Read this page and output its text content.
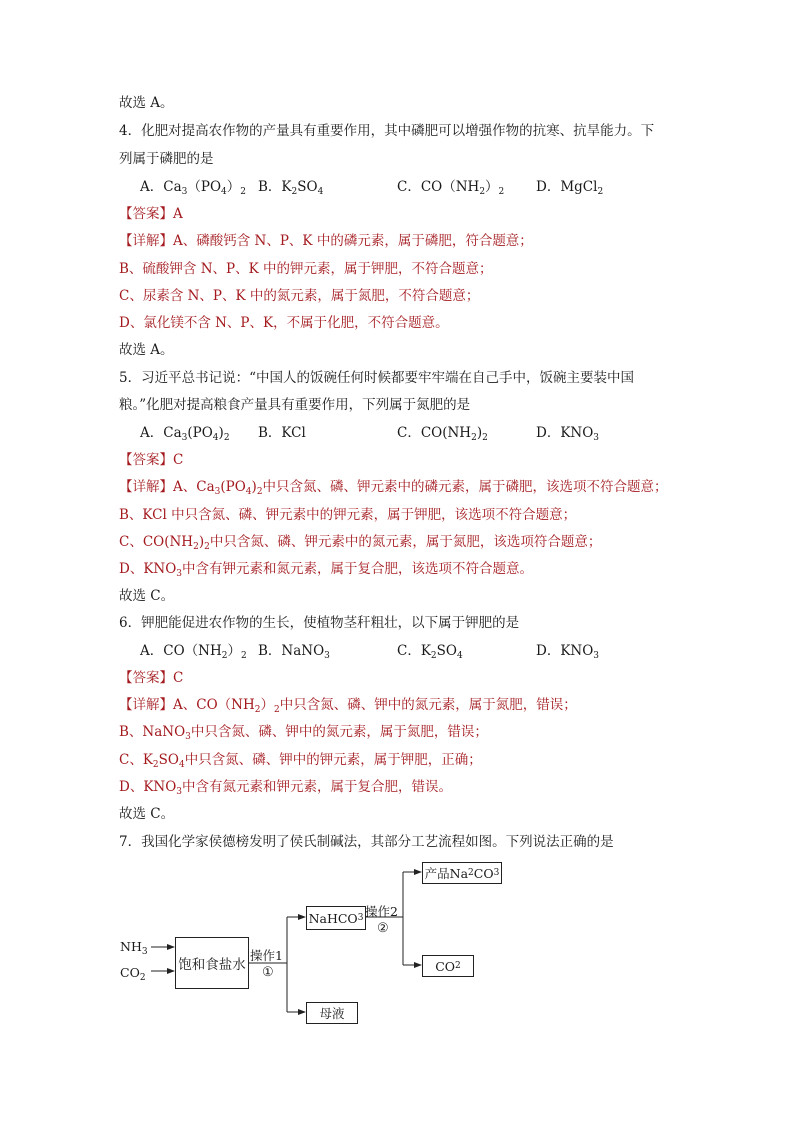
故选 A。
4．化肥对提高农作物的产量具有重要作用，其中磷肥可以增强作物的抗寒、抗旱能力。下
列属于磷肥的是
A．$Ca_3(PO_4)_2$ B．$K_2SO_4$	C．$CO(NH_2)_2$ D．MgCl$_2$
【答案】A
【详解】A、磷酸钙含 N、P、K 中的磷元素，属于磷肥，符合题意；
B、硫酸钾含 N、P、K 中的钾元素，属于钾肥，不符合题意；
C、尿素含 N、P、K 中的氮元素，属于氮肥，不符合题意；
D、氯化镁不含 N、P、K，不属于化肥，不符合题意。
故选 A。
5．习近平总书记说：“中国人的饭碗任何时候都要牢牢端在自己手中，饭碗主要装中国
粮。”化肥对提高粮食产量具有重要作用，下列属于氮肥的是
A．$Ca_3(PO_4)_2$ B．KCl	C．$CO(NH_2)_2$	D．$KNO_3$
【答案】C
【详解】A、$Ca_3(PO_4)_2$中只含氮、磷、钾元素中的磷元素，属于磷肥，该选项不符合题意；
B、KCl 中只含氮、磷、钾元素中的钾元素，属于钾肥，该选项不符合题意；
C、$CO(NH_2)_2$中只含氮、磷、钾元素中的氮元素，属于氮肥，该选项符合题意；
D、$KNO_3$中含有钾元素和氮元素，属于复合肥，该选项不符合题意。
故选 C。
6．钾肥能促进农作物的生长，使植物茎秆粗壮，以下属于钾肥的是
A．$CO(NH_2)_2$ B．NaNO$_3$	C．$K_2SO_4$	D．$KNO_3$
【答案】C
【详解】A、$CO(NH_2)_2$中只含氮、磷、钾中的氮元素，属于氮肥，错误；
B、NaNO$_3$中只含氮、磷、钾中的氮元素，属于氮肥，错误；
C、$K_2SO_4$中只含氮、磷、钾中的钾元素，属于钾肥，正确；
D、$KNO_3$中含有氮元素和钾元素，属于复合肥，错误。
故选 C。
7．我国化学家侯德榜发明了侯氏制碱法，其部分工艺流程如图。下列说法正确的是
$NH_3$
$CO_2$
饱和食盐水
操作1
①
NaHCO 3 操作2
②
产品Na 2 CO 3
CO 2
母液
